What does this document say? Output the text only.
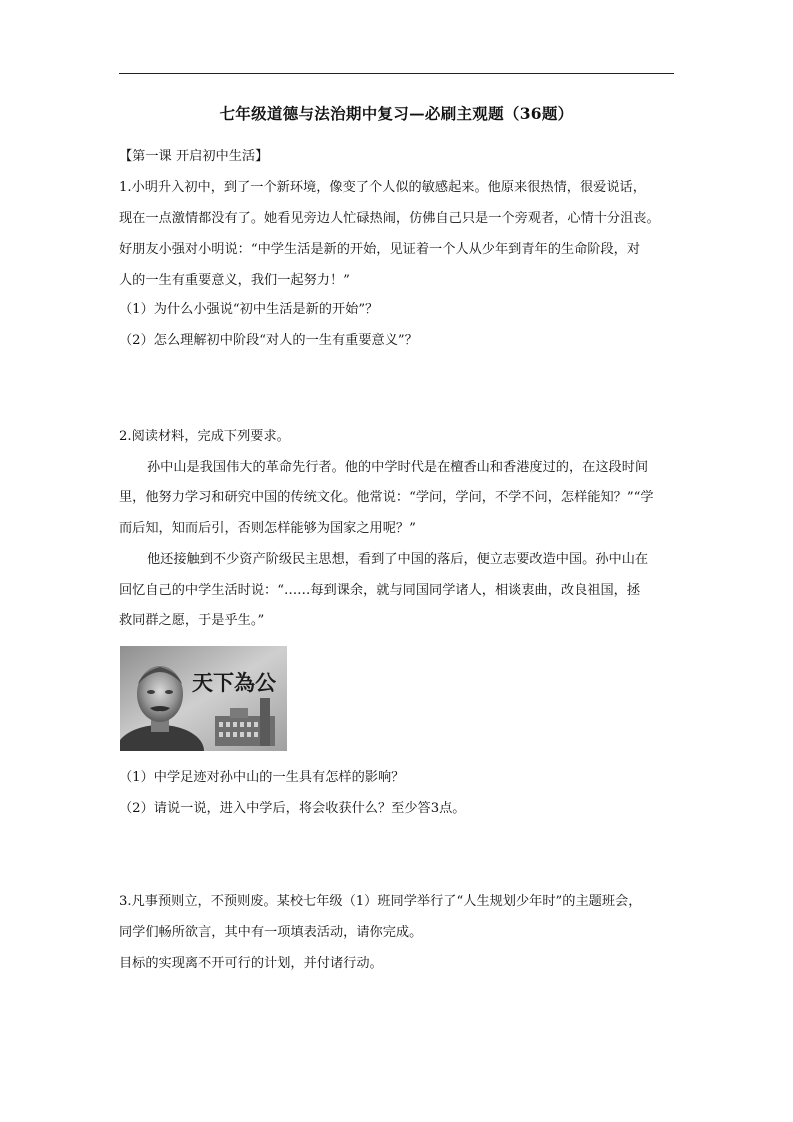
七年级道德与法治期中复习—必刷主观题（36题）
【第一课 开启初中生活】
1.小明升入初中，到了一个新环境，像变了个人似的敏感起来。他原来很热情，很爱说话，
现在一点激情都没有了。她看见旁边人忙碌热闹，仿佛自己只是一个旁观者，心情十分沮丧。
好朋友小强对小明说：“中学生活是新的开始，见证着一个人从少年到青年的生命阶段，对
人的一生有重要意义，我们一起努力！”
（1）为什么小强说“初中生活是新的开始”？
（2）怎么理解初中阶段“对人的一生有重要意义”？
2.阅读材料，完成下列要求。
孙中山是我国伟大的革命先行者。他的中学时代是在檀香山和香港度过的，在这段时间
里，他努力学习和研究中国的传统文化。他常说：“学问，学问，不学不问，怎样能知？”“学
而后知，知而后引，否则怎样能够为国家之用呢？”
他还接触到不少资产阶级民主思想，看到了中国的落后，便立志要改造中国。孙中山在
回忆自己的中学生活时说：“……每到课余，就与同国同学诸人，相谈衷曲，改良祖国，拯
救同群之愿，于是乎生。”
天下為公
（1）中学足迹对孙中山的一生具有怎样的影响？
（2）请说一说，进入中学后，将会收获什么？至少答3点。
3.凡事预则立，不预则废。某校七年级（1）班同学举行了“人生规划少年时”的主题班会，
同学们畅所欲言，其中有一项填表活动，请你完成。
目标的实现离不开可行的计划，并付诸行动。
